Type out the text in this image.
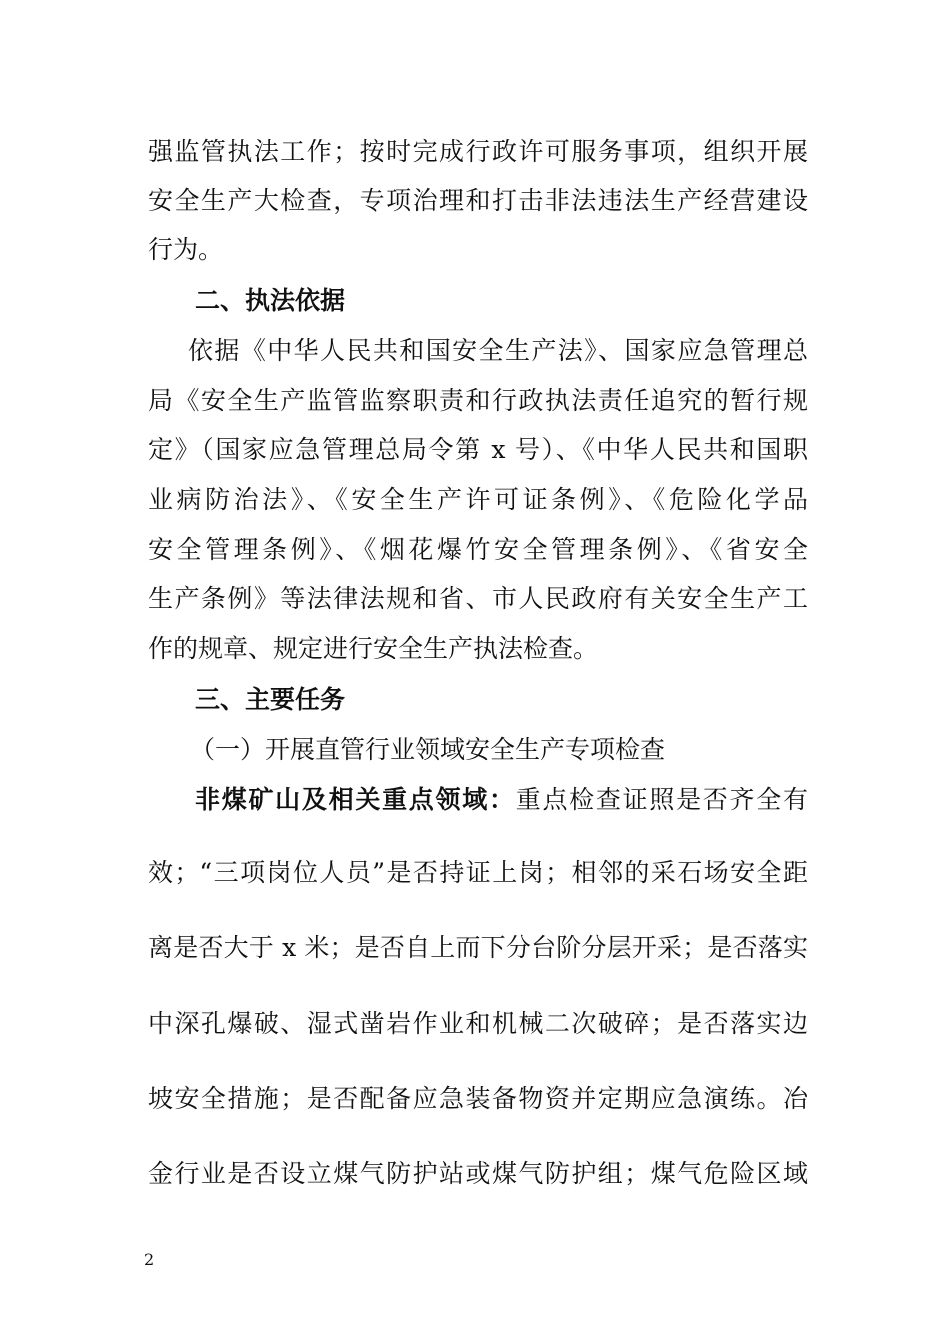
强监管执法工作；按时完成行政许可服务事项，组织开展
安全生产大检查，专项治理和打击非法违法生产经营建设
行为。
二、执法依据
依据《中华人民共和国安全生产法》、国家应急管理总
局《安全生产监管监察职责和行政执法责任追究的暂行规
定》（国家应急管理总局令第 x 号）、《中华人民共和国职
业病防治法》、《安全生产许可证条例》、《危险化学品
安全管理条例》、《烟花爆竹安全管理条例》、《省安全
生产条例》等法律法规和省、市人民政府有关安全生产工
作的规章、规定进行安全生产执法检查。
三、主要任务
（一）开展直管行业领域安全生产专项检查
非煤矿山及相关重点领域：重点检查证照是否齐全有
效；“三项岗位人员”是否持证上岗；相邻的采石场安全距
离是否大于 x 米；是否自上而下分台阶分层开采；是否落实
中深孔爆破、湿式凿岩作业和机械二次破碎；是否落实边
坡安全措施；是否配备应急装备物资并定期应急演练。冶
金行业是否设立煤气防护站或煤气防护组；煤气危险区域
2
